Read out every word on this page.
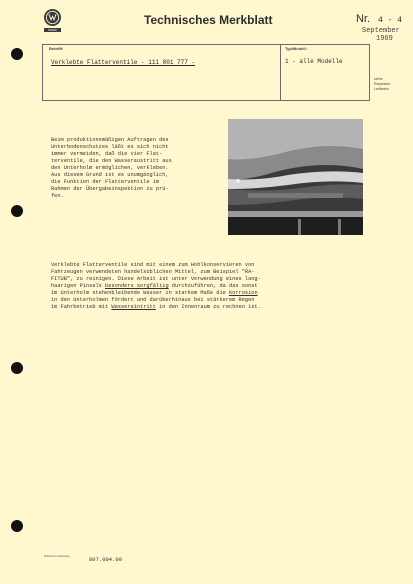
WERK
Technisches Merkblatt	Nr. 4 - 4
September
1969
Betrifft:
Verklebte Flatterventile - 111 801 777 -
Typ/Modell:
1 - alle Modelle
siehe
Reparatur
Leitfaden
Beim produktionsmäßigen Auftragen des
Unterbodenschutzes läßt es sich nicht
immer vermeiden, daß die vier Flat-
terventile, die den Wasseraustritt aus
den Unterholm ermöglichen, verkleben.
Aus diesem Grund ist es unumgänglich,
die Funktion der Flatterventile im
Rahmen der Übergabeinspektion zu prü-
fen.
Verklebte Flatterventile sind mit einem zum Hohlkonservieren von
Fahrzeugen verwendeten handelsüblichen Mittel, zum Beispiel "RA-
FITUB", zu reinigen. Diese Arbeit ist unter Verwendung eines lang-
haarigen Pinsels besonders sorgfältig durchzuführen, da das sonst
im Unterholm stehenbleibende Wasser in starkem Maße die Korrosion
in den Unterholmen fördert und darüberhinaus bei stärkerem Regen
im Fahrbetrieb mit Wassereintritt in den Innenraum zu rechnen ist.
Printed in Germany	807.004.00
